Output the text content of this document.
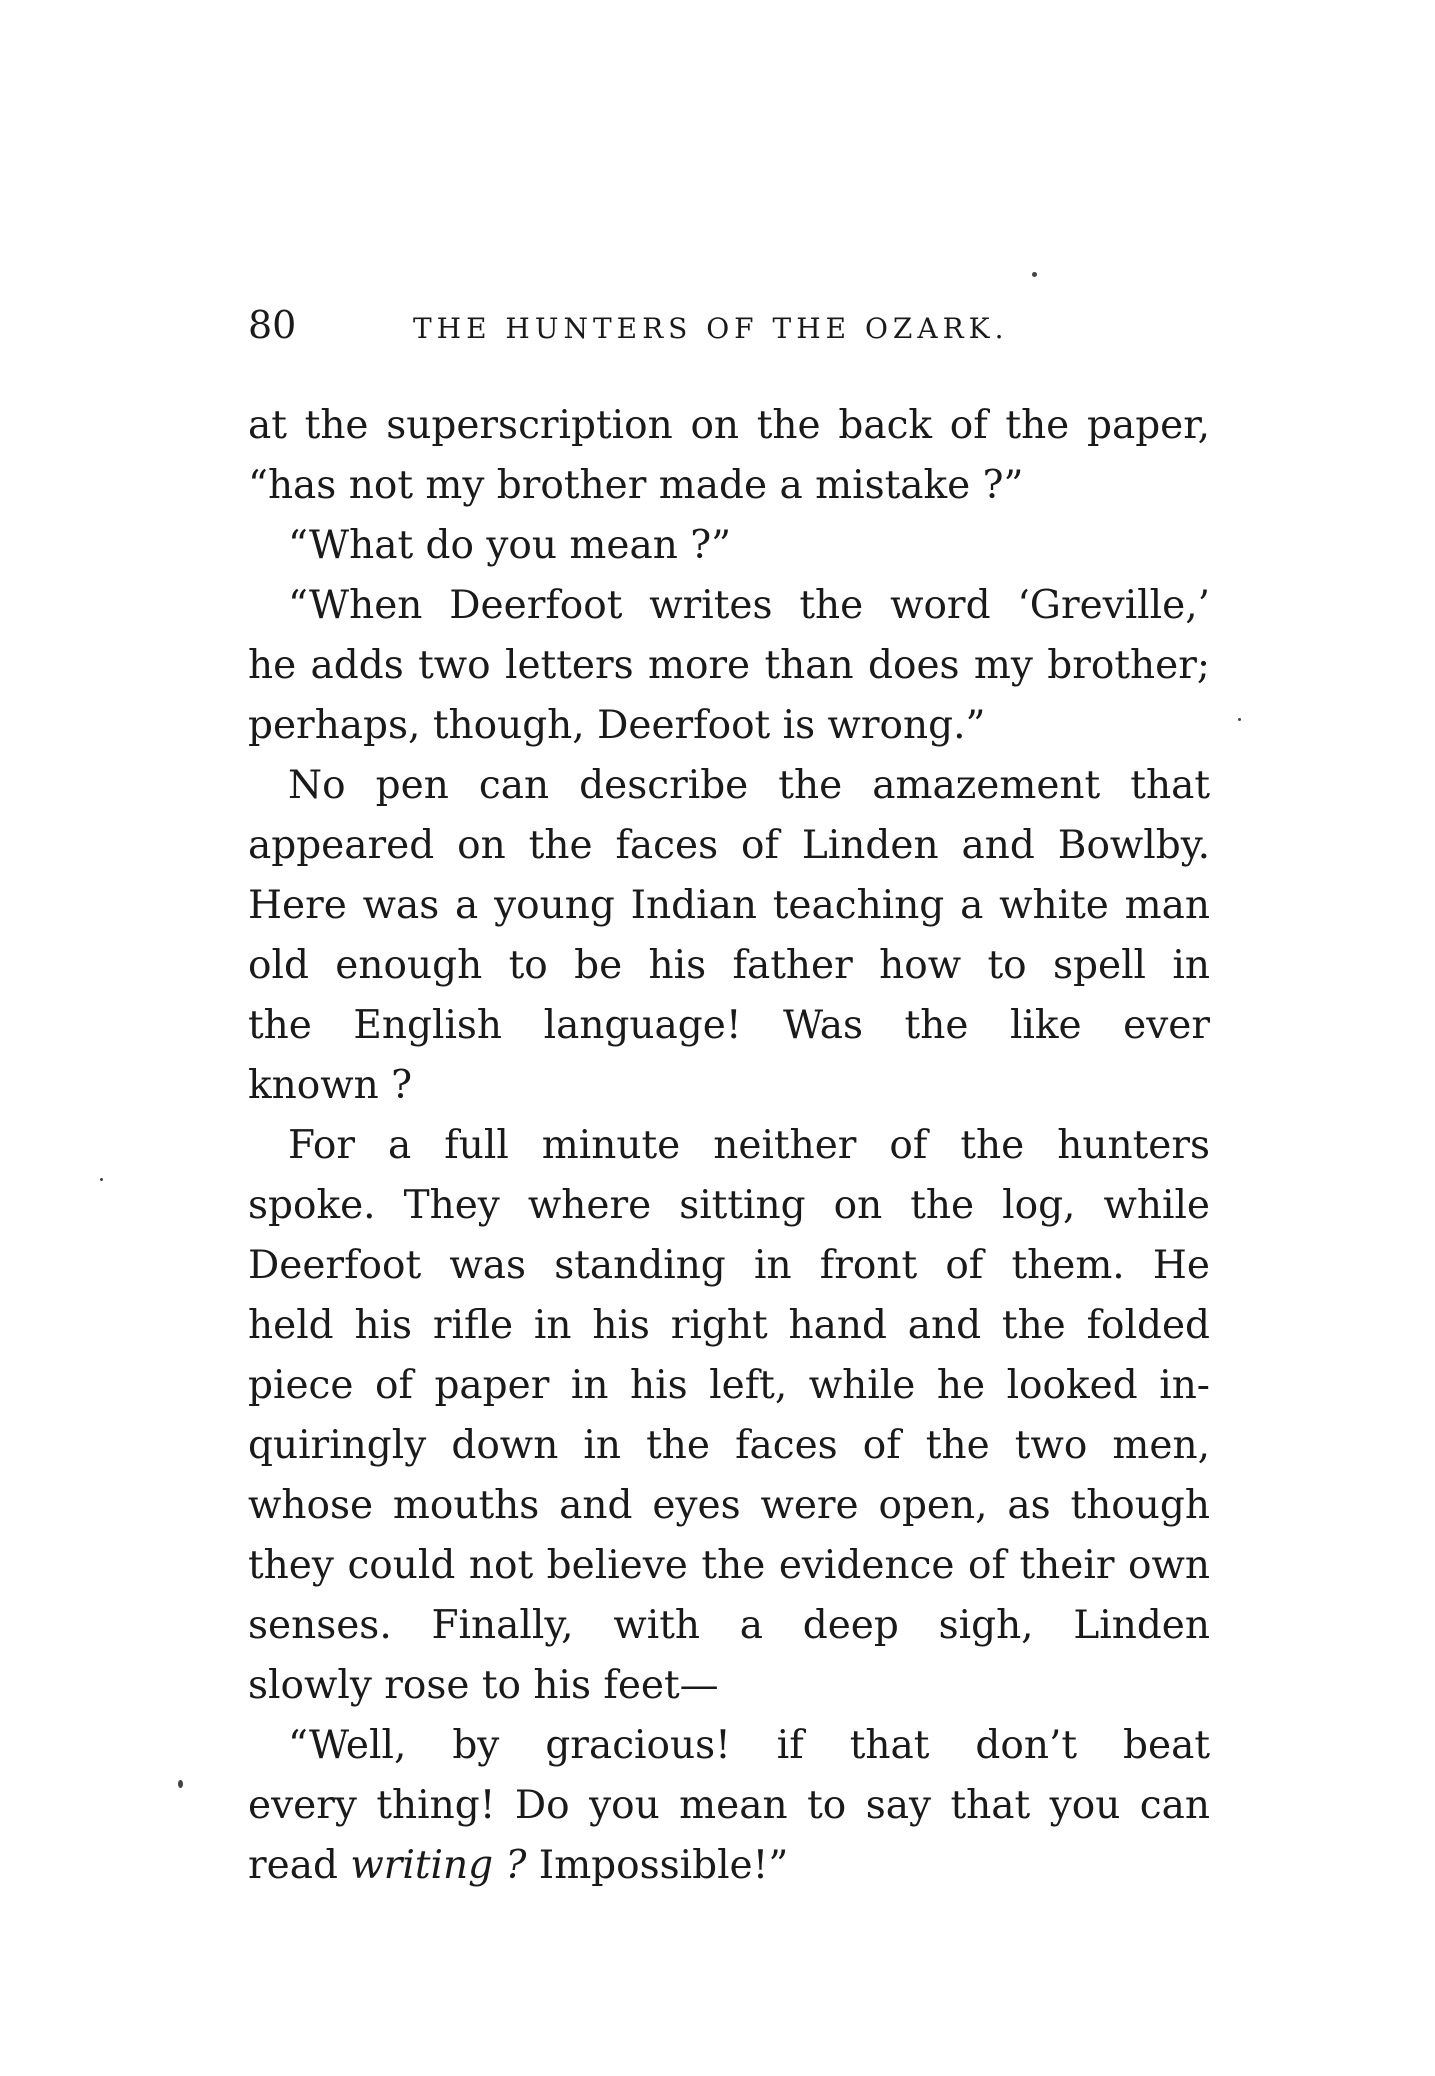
80	THE HUNTERS OF THE OZARK.
at the superscription on the back of the paper,
“has not my brother made a mistake ?”
“What do you mean ?”
“When Deerfoot writes the word ‘Greville,’
he adds two letters more than does my brother;
perhaps, though, Deerfoot is wrong.”
No pen can describe the amazement that
appeared on the faces of Linden and Bowlby.
Here was a young Indian teaching a white man
old enough to be his father how to spell in
the English language! Was the like ever
known ?
For a full minute neither of the hunters
spoke. They where sitting on the log, while
Deerfoot was standing in front of them. He
held his rifle in his right hand and the folded
piece of paper in his left, while he looked in-
quiringly down in the faces of the two men,
whose mouths and eyes were open, as though
they could not believe the evidence of their own
senses. Finally, with a deep sigh, Linden
slowly rose to his feet—
“Well, by gracious! if that don’t beat
every thing! Do you mean to say that you can
read writing ? Impossible!”
